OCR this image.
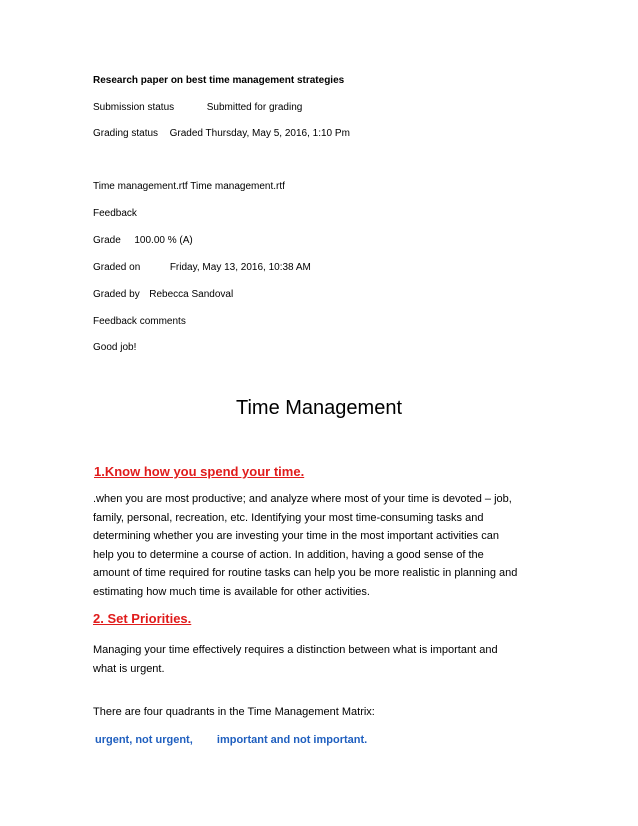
Research paper on best time management strategies
Submission status	Submitted for grading
Grading status Graded Thursday, May 5, 2016, 1:10 Pm
Time management.rtf Time management.rtf
Feedback
Grade 100.00 % (A)
Graded on	Friday, May 13, 2016, 10:38 AM
Graded by Rebecca Sandoval
Feedback comments
Good job!
Time Management
1.Know how you spend your time.
.when you are most productive; and analyze where most of your time is devoted – job,
family, personal, recreation, etc. Identifying your most time-consuming tasks and
determining whether you are investing your time in the most important activities can
help you to determine a course of action. In addition, having a good sense of the
amount of time required for routine tasks can help you be more realistic in planning and
estimating how much time is available for other activities.
2. Set Priorities.
Managing your time effectively requires a distinction between what is important and
what is urgent.
There are four quadrants in the Time Management Matrix:
urgent, not urgent, important and not important.
